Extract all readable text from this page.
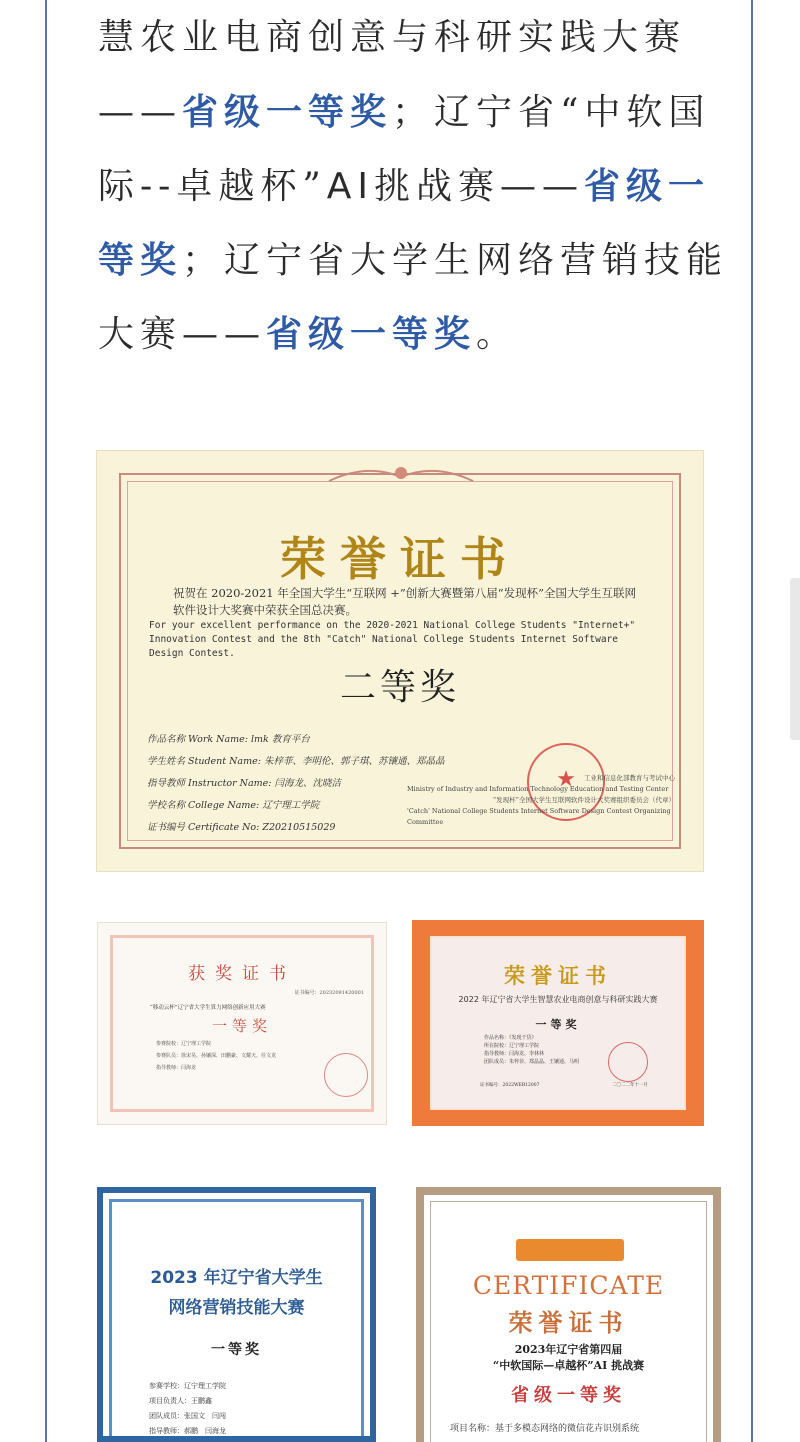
慧农业电商创意与科研实践大赛
——省级一等奖；辽宁省“中软国
际--卓越杯”AI挑战赛——省级一
等奖；辽宁省大学生网络营销技能
大赛——省级一等奖。
荣誉证书
祝贺在 2020-2021 年全国大学生“互联网 +”创新大赛暨第八届“发现杯”全国大学生互联网软件设计大奖赛中荣获全国总决赛。
For your excellent performance on the 2020-2021 National College Students "Internet+" Innovation Contest and the 8th "Catch" National College Students Internet Software Design Contest.
二等奖
作品名称 Work Name: lmk 教育平台
学生姓名 Student Name: 朱梓菲、李明伦、郭子琪、苏镶通、郑晶晶
指导教师 Instructor Name: 闫海龙、沈晓洁
学校名称 College Name: 辽宁理工学院
证书编号 Certificate No: Z20210515029
★	工业和信息化部教育与考试中心
Ministry of Industry and Information Technology Education and Testing Center
“发现杯”全国大学生互联网软件设计大奖赛组织委员会（代章）
'Catch' National College Students Internet Software Design Contest Organizing Committee
获奖证书
证书编号：20232091420001
“移动云杯”辽宁省大学生算力网络创新应用大赛
一等奖
参赛院校：辽宁理工学院
参赛队员：徐宋昊、孙镶深、田鹏豪、文耀天、任文龙
指导教师：闫海龙
荣誉证书
2022 年辽宁省大学生智慧农业电商创意与科研实践大赛
一等奖
作品名称：《发现干货》
所在院校：辽宁理工学院
指导教师：闫海龙、李林林
团队成员：朱梓菲、郑晶晶、王镶通、马明
证书编号：2022WEB12007	二〇二二年十一月
2023 年辽宁省大学生
网络营销技能大赛
一等奖
参赛学校：辽宁理工学院
项目负责人：王鹏鑫
团队成员：张国文　闫闯
指导教师：郝鹏　闫海龙
CERTIFICATE
荣誉证书
2023年辽宁省第四届
“中软国际—卓越杯”AI 挑战赛
省级一等奖
项目名称：基于多模态网络的微信花卉识别系统
